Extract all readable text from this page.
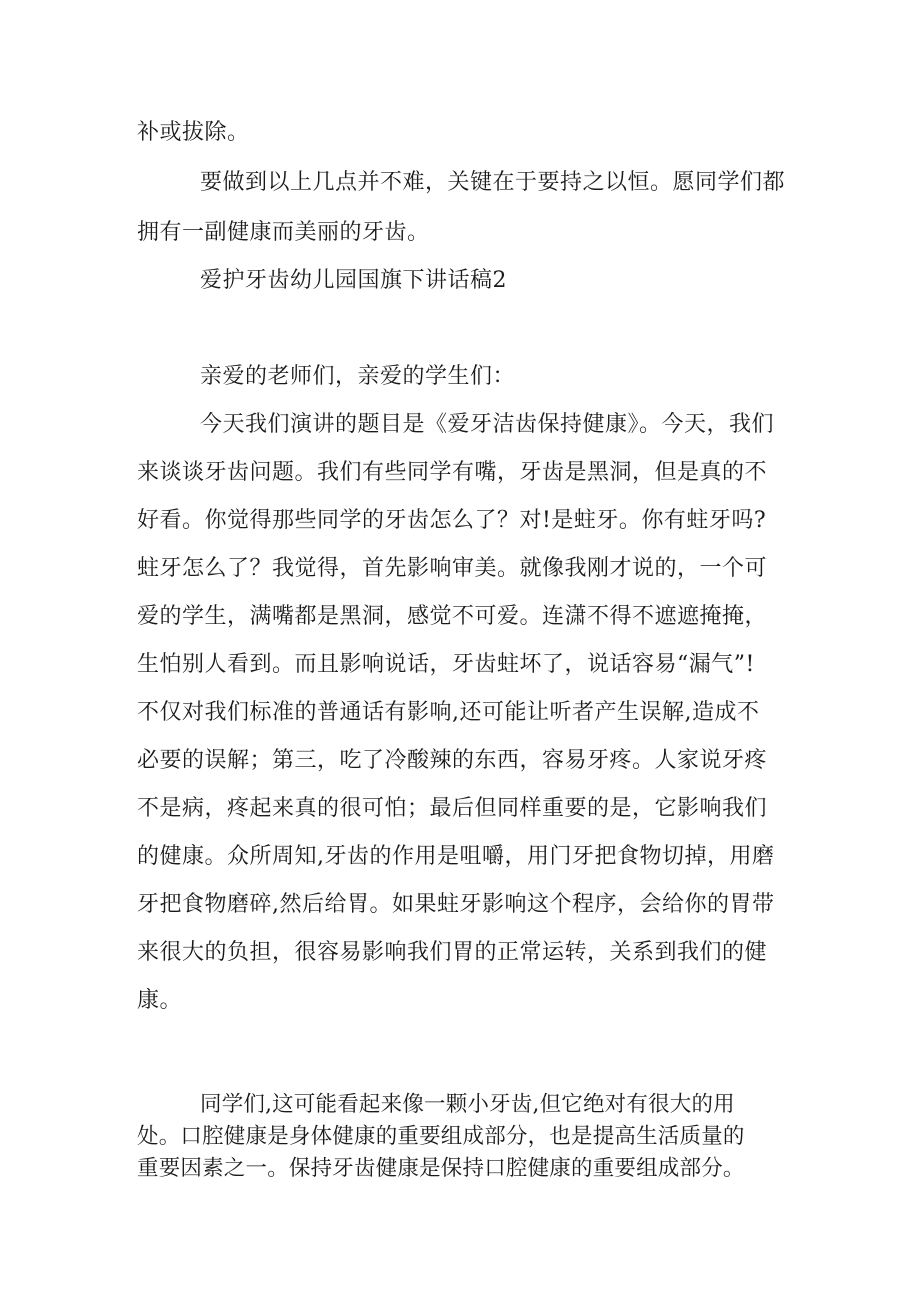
补或拔除。
要做到以上几点并不难，关键在于要持之以恒。愿同学们都
拥有一副健康而美丽的牙齿。
爱护牙齿幼儿园国旗下讲话稿2
亲爱的老师们，亲爱的学生们：
今天我们演讲的题目是《爱牙洁齿保持健康》。今天，我们
来谈谈牙齿问题。我们有些同学有嘴，牙齿是黑洞，但是真的不
好看。你觉得那些同学的牙齿怎么了？对!是蛀牙。你有蛀牙吗?
蛀牙怎么了？我觉得，首先影响审美。就像我刚才说的，一个可
爱的学生，满嘴都是黑洞，感觉不可爱。连潇不得不遮遮掩掩，
生怕别人看到。而且影响说话，牙齿蛀坏了，说话容易“漏气”!
不仅对我们标准的普通话有影响,还可能让听者产生误解,造成不
必要的误解；第三，吃了冷酸辣的东西，容易牙疼。人家说牙疼
不是病，疼起来真的很可怕；最后但同样重要的是，它影响我们
的健康。众所周知,牙齿的作用是咀嚼，用门牙把食物切掉，用磨
牙把食物磨碎,然后给胃。如果蛀牙影响这个程序，会给你的胃带
来很大的负担，很容易影响我们胃的正常运转，关系到我们的健
康。
同学们,这可能看起来像一颗小牙齿,但它绝对有很大的用
处。口腔健康是身体健康的重要组成部分，也是提高生活质量的
重要因素之一。保持牙齿健康是保持口腔健康的重要组成部分。
